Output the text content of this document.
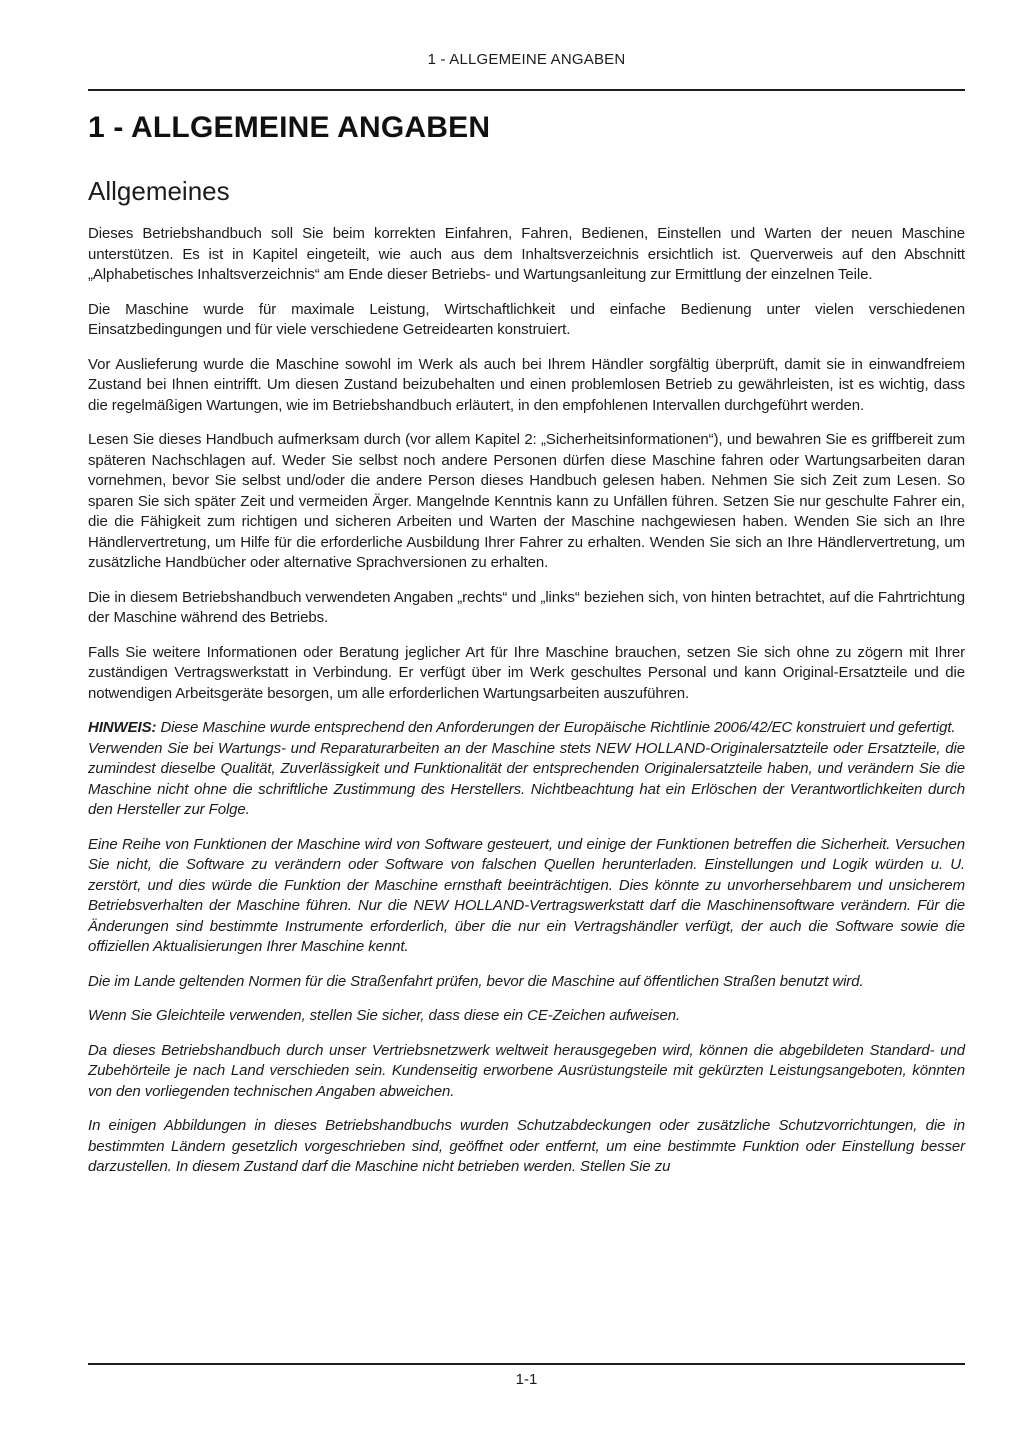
1 - ALLGEMEINE ANGABEN
1 - ALLGEMEINE ANGABEN
Allgemeines

Dieses Betriebshandbuch soll Sie beim korrekten Einfahren, Fahren, Bedienen, Einstellen und Warten der neuen Maschine unterstützen. Es ist in Kapitel eingeteilt, wie auch aus dem Inhaltsverzeichnis ersichtlich ist. Querverweis auf den Abschnitt „Alphabetisches Inhaltsverzeichnis“ am Ende dieser Betriebs- und Wartungsanleitung zur Ermittlung der einzelnen Teile.

Die Maschine wurde für maximale Leistung, Wirtschaftlichkeit und einfache Bedienung unter vielen verschiedenen Einsatzbedingungen und für viele verschiedene Getreidearten konstruiert.

Vor Auslieferung wurde die Maschine sowohl im Werk als auch bei Ihrem Händler sorgfältig überprüft, damit sie in einwandfreiem Zustand bei Ihnen eintrifft. Um diesen Zustand beizubehalten und einen problemlosen Betrieb zu gewährleisten, ist es wichtig, dass die regelmäßigen Wartungen, wie im Betriebshandbuch erläutert, in den empfohlenen Intervallen durchgeführt werden.

Lesen Sie dieses Handbuch aufmerksam durch (vor allem Kapitel 2: „Sicherheitsinformationen“), und bewahren Sie es griffbereit zum späteren Nachschlagen auf. Weder Sie selbst noch andere Personen dürfen diese Maschine fahren oder Wartungsarbeiten daran vornehmen, bevor Sie selbst und/oder die andere Person dieses Handbuch gelesen haben. Nehmen Sie sich Zeit zum Lesen. So sparen Sie sich später Zeit und vermeiden Ärger. Mangelnde Kenntnis kann zu Unfällen führen. Setzen Sie nur geschulte Fahrer ein, die die Fähigkeit zum richtigen und sicheren Arbeiten und Warten der Maschine nachgewiesen haben. Wenden Sie sich an Ihre Händlervertretung, um Hilfe für die erforderliche Ausbildung Ihrer Fahrer zu erhalten. Wenden Sie sich an Ihre Händlervertretung, um zusätzliche Handbücher oder alternative Sprachversionen zu erhalten.

Die in diesem Betriebshandbuch verwendeten Angaben „rechts“ und „links“ beziehen sich, von hinten betrachtet, auf die Fahrtrichtung der Maschine während des Betriebs.

Falls Sie weitere Informationen oder Beratung jeglicher Art für Ihre Maschine brauchen, setzen Sie sich ohne zu zögern mit Ihrer zuständigen Vertragswerkstatt in Verbindung. Er verfügt über im Werk geschultes Personal und kann Original-Ersatzteile und die notwendigen Arbeitsgeräte besorgen, um alle erforderlichen Wartungsarbeiten auszuführen.

HINWEIS: Diese Maschine wurde entsprechend den Anforderungen der Europäische Richtlinie 2006/42/EC konstruiert und gefertigt.
Verwenden Sie bei Wartungs- und Reparaturarbeiten an der Maschine stets NEW HOLLAND-Originalersatzteile oder Ersatzteile, die zumindest dieselbe Qualität, Zuverlässigkeit und Funktionalität der entsprechenden Originalersatzteile haben, und verändern Sie die Maschine nicht ohne die schriftliche Zustimmung des Herstellers. Nichtbeachtung hat ein Erlöschen der Verantwortlichkeiten durch den Hersteller zur Folge.

Eine Reihe von Funktionen der Maschine wird von Software gesteuert, und einige der Funktionen betreffen die Sicherheit. Versuchen Sie nicht, die Software zu verändern oder Software von falschen Quellen herunterladen. Einstellungen und Logik würden u. U. zerstört, und dies würde die Funktion der Maschine ernsthaft beeinträchtigen. Dies könnte zu unvorhersehbarem und unsicherem Betriebsverhalten der Maschine führen. Nur die NEW HOLLAND-Vertragswerkstatt darf die Maschinensoftware verändern. Für die Änderungen sind bestimmte Instrumente erforderlich, über die nur ein Vertragshändler verfügt, der auch die Software sowie die offiziellen Aktualisierungen Ihrer Maschine kennt.

Die im Lande geltenden Normen für die Straßenfahrt prüfen, bevor die Maschine auf öffentlichen Straßen benutzt wird.

Wenn Sie Gleichteile verwenden, stellen Sie sicher, dass diese ein CE-Zeichen aufweisen.

Da dieses Betriebshandbuch durch unser Vertriebsnetzwerk weltweit herausgegeben wird, können die abgebildeten Standard- und Zubehörteile je nach Land verschieden sein. Kundenseitig erworbene Ausrüstungsteile mit gekürzten Leistungsangeboten, könnten von den vorliegenden technischen Angaben abweichen.

In einigen Abbildungen in dieses Betriebshandbuchs wurden Schutzabdeckungen oder zusätzliche Schutzvorrichtungen, die in bestimmten Ländern gesetzlich vorgeschrieben sind, geöffnet oder entfernt, um eine bestimmte Funktion oder Einstellung besser darzustellen. In diesem Zustand darf die Maschine nicht betrieben werden. Stellen Sie zu

1-1
